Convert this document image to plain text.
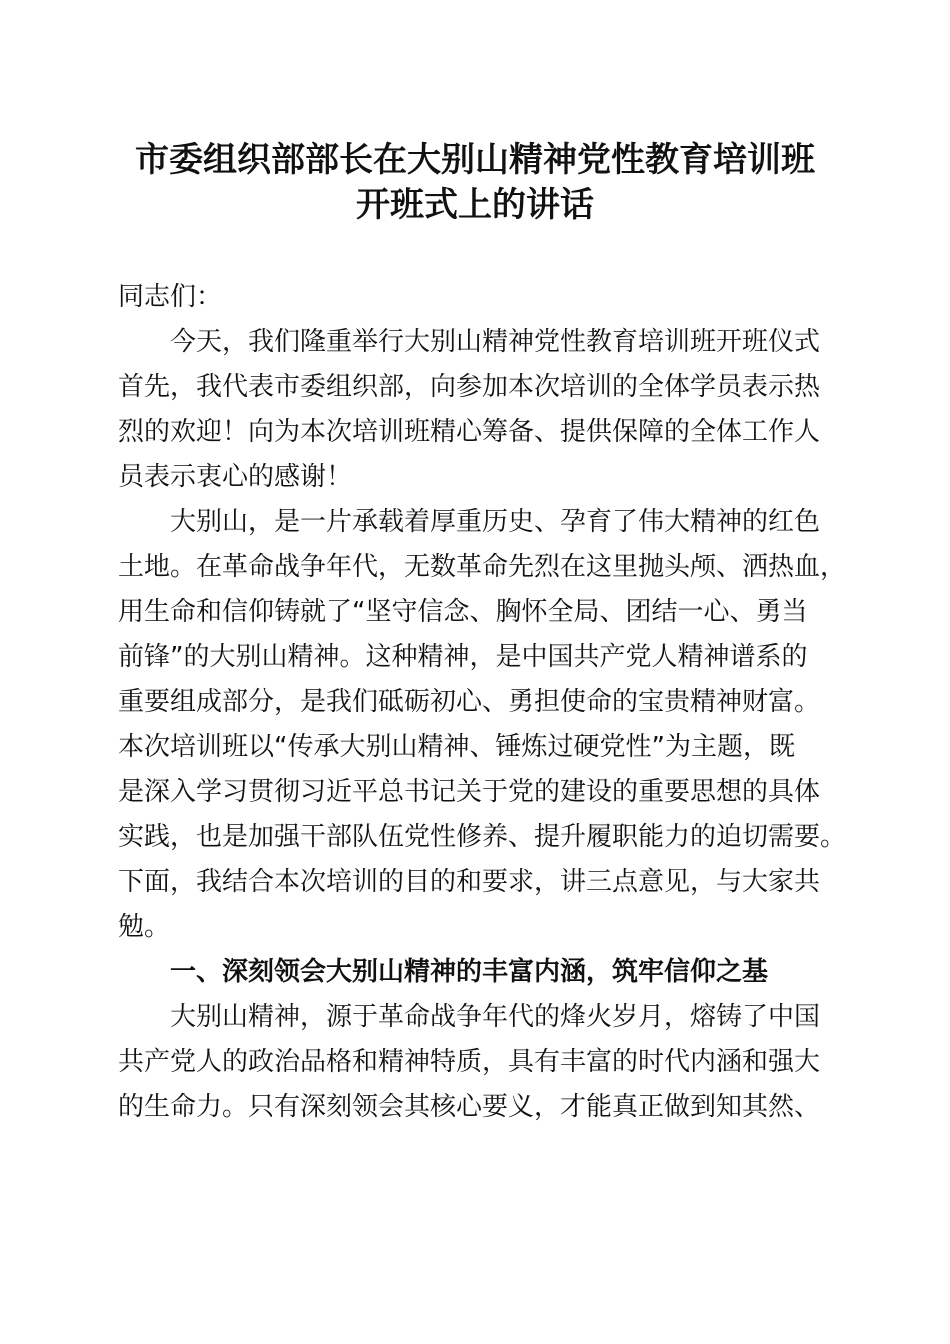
市委组织部部长在大别山精神党性教育培训班
开班式上的讲话
同志们：
今天，我们隆重举行大别山精神党性教育培训班开班仪式
首先，我代表市委组织部，向参加本次培训的全体学员表示热
烈的欢迎！向为本次培训班精心筹备、提供保障的全体工作人
员表示衷心的感谢！
大别山，是一片承载着厚重历史、孕育了伟大精神的红色
土地。在革命战争年代，无数革命先烈在这里抛头颅、洒热血，
用生命和信仰铸就了“坚守信念、胸怀全局、团结一心、勇当
前锋”的大别山精神。这种精神，是中国共产党人精神谱系的
重要组成部分，是我们砥砺初心、勇担使命的宝贵精神财富。
本次培训班以“传承大别山精神、锤炼过硬党性”为主题，既
是深入学习贯彻习近平总书记关于党的建设的重要思想的具体
实践，也是加强干部队伍党性修养、提升履职能力的迫切需要。
下面，我结合本次培训的目的和要求，讲三点意见，与大家共
勉。
一、深刻领会大别山精神的丰富内涵，筑牢信仰之基
大别山精神，源于革命战争年代的烽火岁月，熔铸了中国
共产党人的政治品格和精神特质，具有丰富的时代内涵和强大
的生命力。只有深刻领会其核心要义，才能真正做到知其然、
